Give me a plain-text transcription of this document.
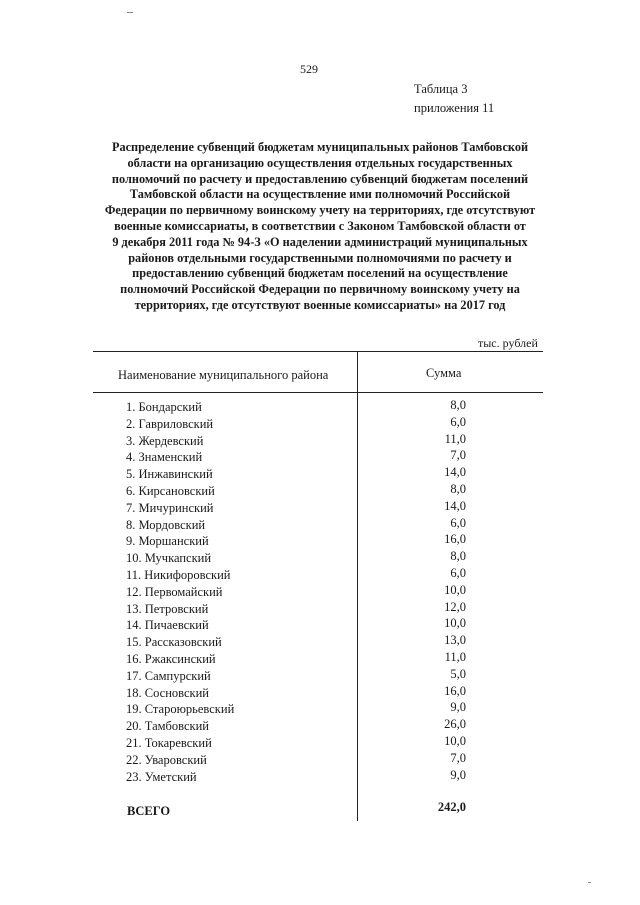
529
Таблица 3
приложения 11
Распределение субвенций бюджетам муниципальных районов Тамбовской
области на организацию осуществления отдельных государственных
полномочий по расчету и предоставлению субвенций бюджетам поселений
Тамбовской области на осуществление ими полномочий Российской
Федерации по первичному воинскому учету на территориях, где отсутствуют
военные комиссариаты, в соответствии с Законом Тамбовской области от
9 декабря 2011 года № 94-З «О наделении администраций муниципальных
районов отдельными государственными полномочиями по расчету и
предоставлению субвенций бюджетам поселений на осуществление
полномочий Российской Федерации по первичному воинскому учету на
территориях, где отсутствуют военные комиссариаты» на 2017 год
тыс. рублей
Наименование муниципального района	Сумма
1. Бондарский	8,0
2. Гавриловский	6,0
3. Жердевский	11,0
4. Знаменский	7,0
5. Инжавинский	14,0
6. Кирсановский	8,0
7. Мичуринский	14,0
8. Мордовский	6,0
9. Моршанский	16,0
10. Мучкапский	8,0
11. Никифоровский	6,0
12. Первомайский	10,0
13. Петровский	12,0
14. Пичаевский	10,0
15. Рассказовский	13,0
16. Ржаксинский	11,0
17. Сампурский	5,0
18. Сосновский	16,0
19. Староюрьевский	9,0
20. Тамбовский	26,0
21. Токаревский	10,0
22. Уваровский	7,0
23. Уметский	9,0
ВСЕГО	242,0
